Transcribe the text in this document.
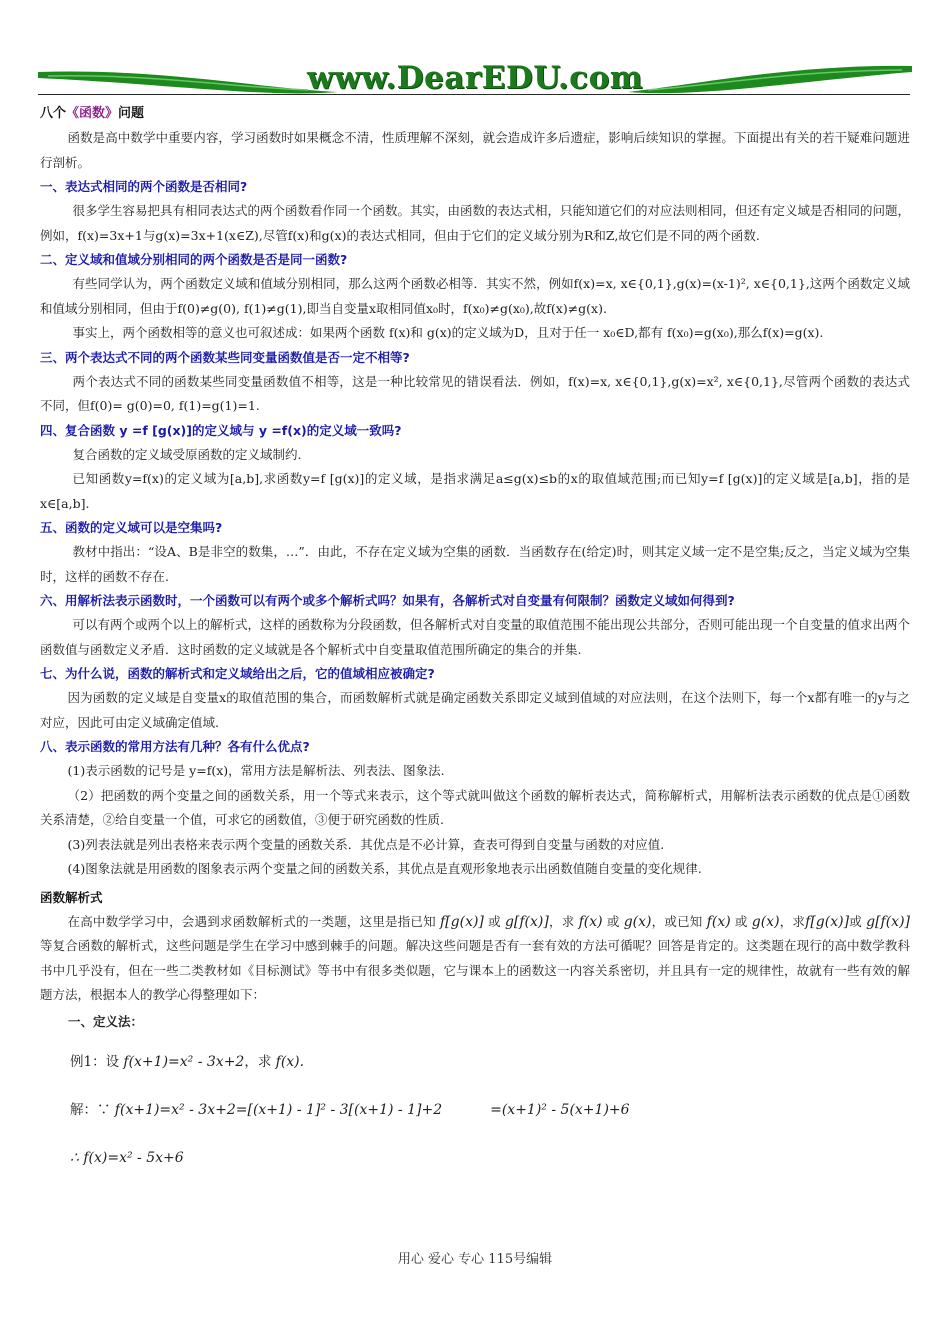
www.DearEDU.com
八个《函数》问题

函数是高中数学中重要内容，学习函数时如果概念不清，性质理解不深刻，就会造成许多后遗症，影响后续知识的掌握。下面提出有关的若干疑难问题进行剖析。

一、表达式相同的两个函数是否相同?

很多学生容易把具有相同表达式的两个函数看作同一个函数。其实，由函数的表达式相，只能知道它们的对应法则相同，但还有定义域是否相同的问题，例如，f(x)=3x+1与g(x)=3x+1(x∈Z),尽管f(x)和g(x)的表达式相同，但由于它们的定义域分别为R和Z,故它们是不同的两个函数.

二、定义域和值域分别相同的两个函数是否是同一函数?

有些同学认为，两个函数定义域和值域分别相同，那么这两个函数必相等．其实不然，例如f(x)=x, x∈{0,1},g(x)=(x-1)², x∈{0,1},这两个函数定义域和值域分别相同，但由于f(0)≠g(0), f(1)≠g(1),即当自变量x取相同值x₀时，f(x₀)≠g(x₀),故f(x)≠g(x).

事实上，两个函数相等的意义也可叙述成：如果两个函数 f(x)和 g(x)的定义域为D，且对于任一 x₀∈D,都有 f(x₀)=g(x₀),那么f(x)=g(x).

三、两个表达式不同的两个函数某些同变量函数值是否一定不相等?

两个表达式不同的函数某些同变量函数值不相等，这是一种比较常见的错误看法．例如，f(x)=x, x∈{0,1},g(x)=x², x∈{0,1},尽管两个函数的表达式不同，但f(0)= g(0)=0, f(1)=g(1)=1.

四、复合函数 y =f [g(x)]的定义域与 y =f(x)的定义域一致吗?

复合函数的定义域受原函数的定义域制约.

已知函数y=f(x)的定义域为[a,b],求函数y=f [g(x)]的定义域，是指求满足a≤g(x)≤b的x的取值域范围;而已知y=f [g(x)]的定义域是[a,b]，指的是x∈[a,b].

五、函数的定义域可以是空集吗?

教材中指出：“设A、B是非空的数集，…”．由此，不存在定义域为空集的函数．当函数存在(给定)时，则其定义域一定不是空集;反之，当定义域为空集时，这样的函数不存在.

六、用解析法表示函数时，一个函数可以有两个或多个解析式吗？如果有，各解析式对自变量有何限制？函数定义域如何得到?

可以有两个或两个以上的解析式，这样的函数称为分段函数，但各解析式对自变量的取值范围不能出现公共部分，否则可能出现一个自变量的值求出两个函数值与函数定义矛盾．这时函数的定义域就是各个解析式中自变量取值范围所确定的集合的并集.

七、为什么说，函数的解析式和定义域给出之后，它的值域相应被确定?

因为函数的定义域是自变量x的取值范围的集合，而函数解析式就是确定函数关系即定义域到值域的对应法则，在这个法则下，每一个x都有唯一的y与之对应，因此可由定义域确定值域.

八、表示函数的常用方法有几种？各有什么优点?

(1)表示函数的记号是 y=f(x)，常用方法是解析法、列表法、图象法.

（2）把函数的两个变量之间的函数关系，用一个等式来表示，这个等式就叫做这个函数的解析表达式，简称解析式，用解析法表示函数的优点是①函数关系清楚，②给自变量一个值，可求它的函数值，③便于研究函数的性质.

(3)列表法就是列出表格来表示两个变量的函数关系．其优点是不必计算，查表可得到自变量与函数的对应值.

(4)图象法就是用函数的图象表示两个变量之间的函数关系，其优点是直观形象地表示出函数值随自变量的变化规律.

函数解析式

在高中数学学习中，会遇到求函数解析式的一类题，这里是指已知 f[g(x)] 或 g[f(x)]，求 f(x) 或 g(x)，或已知 f(x) 或 g(x)，求f[g(x)]或 g[f(x)]等复合函数的解析式，这些问题是学生在学习中感到棘手的问题。解决这些问题是否有一套有效的方法可循呢？回答是肯定的。这类题在现行的高中数学教科书中几乎没有，但在一些二类教材如《目标测试》等书中有很多类似题，它与课本上的函数这一内容关系密切，并且具有一定的规律性，故就有一些有效的解题方法，根据本人的教学心得整理如下：

一、定义法：
例1：设 f(x+1)=x² - 3x+2，求 f(x).
解：∵ f(x+1)=x² - 3x+2=[(x+1) - 1]² - 3[(x+1) - 1]+2	=(x+1)² - 5(x+1)+6
∴ f(x)=x² - 5x+6
用心 爱心 专心 115号编辑
